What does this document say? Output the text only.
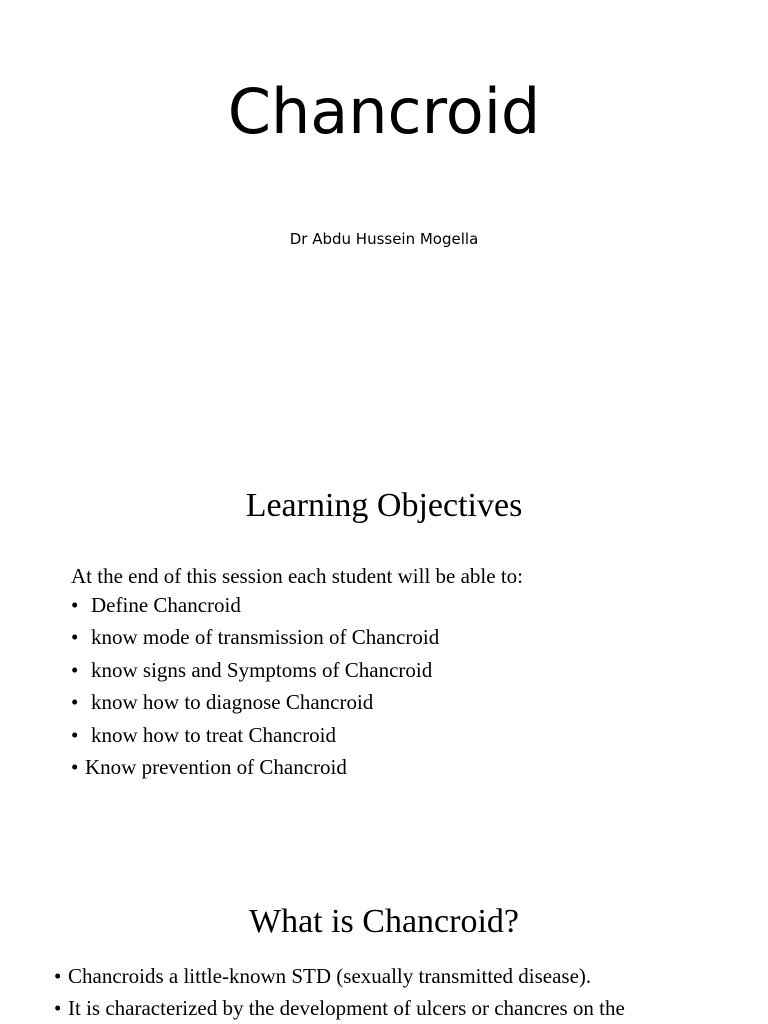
Chancroid

Dr Abdu Hussein Mogella

Learning Objectives

At the end of this session each student will be able to:

• Define Chancroid
• know mode of transmission of Chancroid
• know signs and Symptoms of Chancroid
• know how to diagnose Chancroid
• know how to treat Chancroid
• Know prevention of Chancroid
What is Chancroid?
• Chancroids a little-known STD (sexually transmitted disease).
• It is characterized by the development of ulcers or chancres on the
